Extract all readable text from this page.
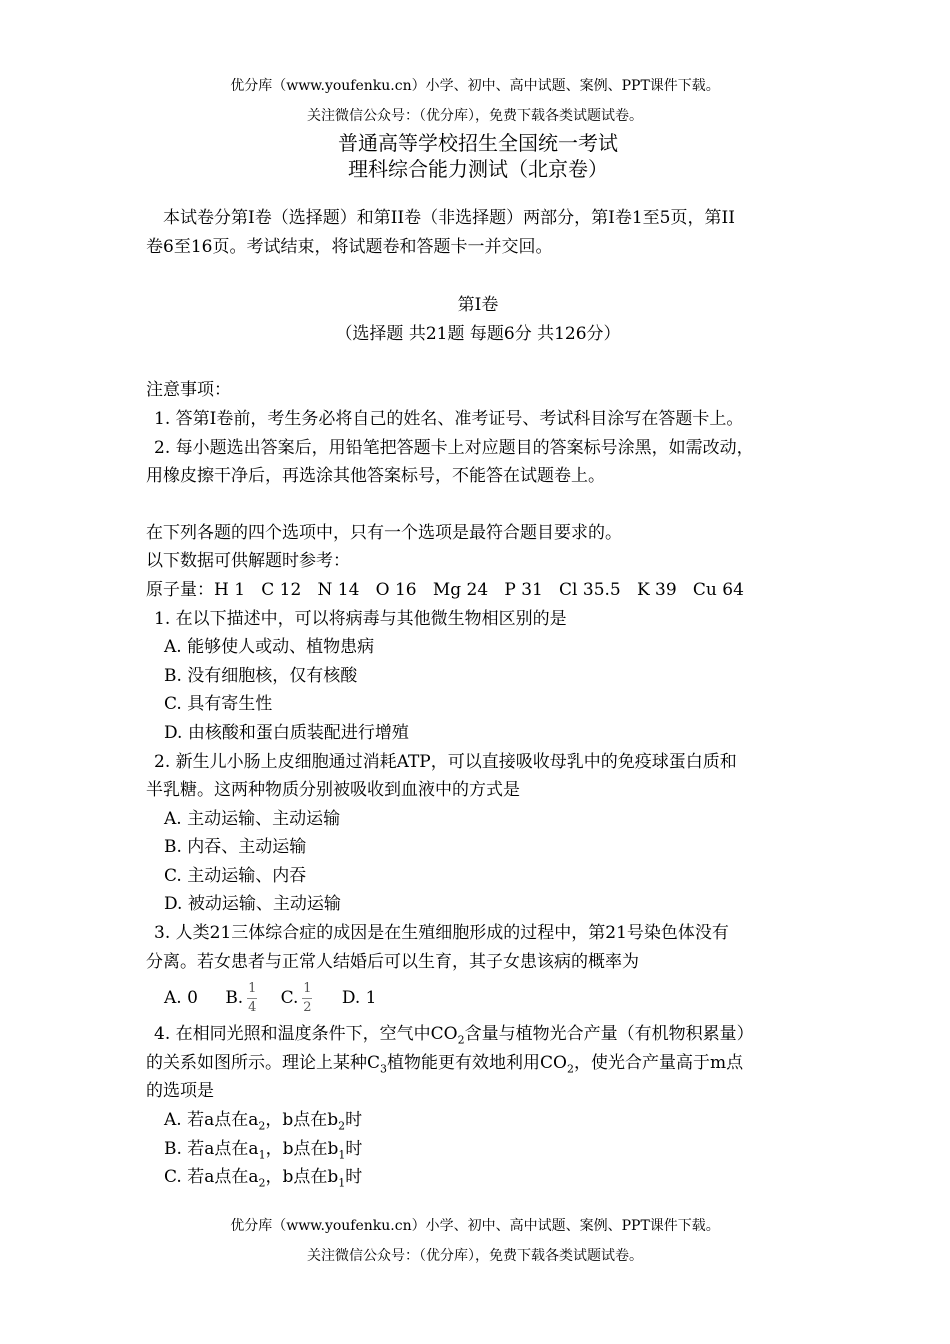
优分库（www.youfenku.cn）小学、初中、高中试题、案例、PPT课件下载。
关注微信公众号：（优分库），免费下载各类试题试卷。

普通高等学校招生全国统一考试

理科综合能力测试（北京卷）

本试卷分第I卷（选择题）和第II卷（非选择题）两部分，第I卷1至5页，第II

卷6至16页。考试结束，将试题卷和答题卡一并交回。

第I卷

（选择题 共21题 每题6分 共126分）

注意事项：

1. 答第I卷前，考生务必将自己的姓名、准考证号、考试科目涂写在答题卡上。

2. 每小题选出答案后，用铅笔把答题卡上对应题目的答案标号涂黑，如需改动，

用橡皮擦干净后，再选涂其他答案标号，不能答在试题卷上。

在下列各题的四个选项中，只有一个选项是最符合题目要求的。

以下数据可供解题时参考：

原子量：H 1   C 12   N 14   O 16   Mg 24   P 31   Cl 35.5   K 39   Cu 64

1. 在以下描述中，可以将病毒与其他微生物相区别的是

A. 能够使人或动、植物患病

B. 没有细胞核，仅有核酸

C. 具有寄生性

D. 由核酸和蛋白质装配进行增殖

2. 新生儿小肠上皮细胞通过消耗ATP，可以直接吸收母乳中的免疫球蛋白质和

半乳糖。这两种物质分别被吸收到血液中的方式是

A. 主动运输、主动运输

B. 内吞、主动运输

C. 主动运输、内吞

D. 被动运输、主动运输

3. 人类21三体综合症的成因是在生殖细胞形成的过程中，第21号染色体没有

分离。若女患者与正常人结婚后可以生育，其子女患该病的概率为

A. 0 B. $\frac{1}{4} C$. $\frac{1}{2} D$. 1

4. 在相同光照和温度条件下，空气中$CO_2$含量与植物光合产量（有机物积累量）

的关系如图所示。理论上某种$C_3$植物能更有效地利用$CO_2$，使光合产量高于m点

的选项是

A. 若a点在$a_2$，b点在$b_2$时

B. 若a点在$a_1$，b点在$b_1$时

C. 若a点在$a_2$，b点在$b_1$时

优分库（www.youfenku.cn）小学、初中、高中试题、案例、PPT课件下载。
关注微信公众号：（优分库），免费下载各类试题试卷。
